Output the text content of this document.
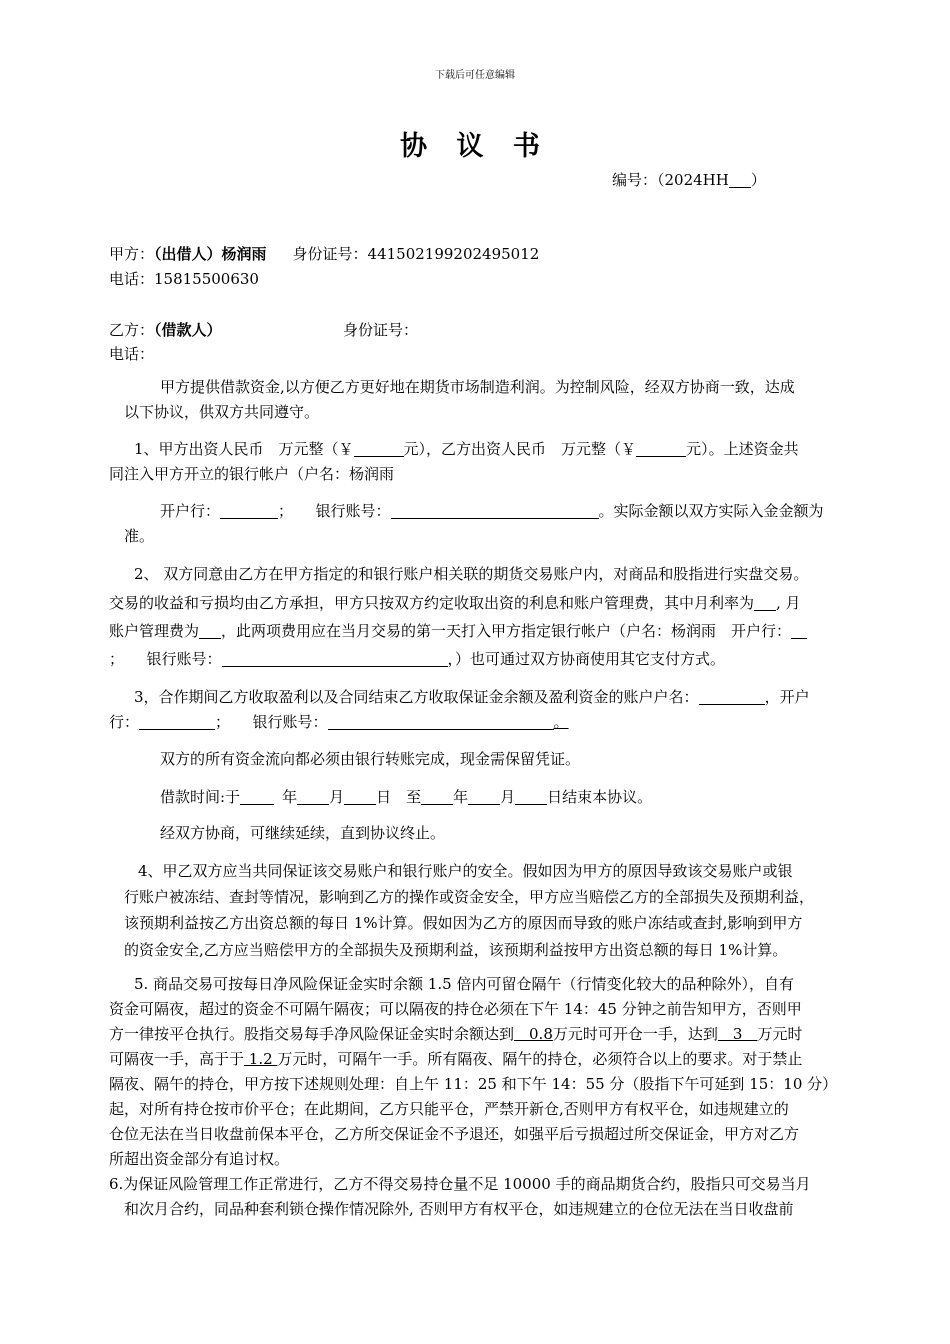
下载后可任意编辑
协 议 书
编号：（2024HH ）
甲方：（出借人）杨润雨 身份证号：441502199202495012
电话：15815500630
乙方：（借款人）	身份证号：
电话：
甲方提供借款资金,以方便乙方更好地在期货市场制造利润。为控制风险，经双方协商一致，达成
以下协议，供双方共同遵守。
1、甲方出资人民币　万元整（￥	元），乙方出资人民币　万元整（￥	元）。上述资金共
同注入甲方开立的银行帐户（户名：杨润雨
开户行：	；　　银行账号：	。实际金额以双方实际入金金额为
准。
2、 双方同意由乙方在甲方指定的和银行账户相关联的期货交易账户内，对商品和股指进行实盘交易。
交易的收益和亏损均由乙方承担，甲方只按双方约定收取出资的利息和账户管理费，其中月利率为 , 月
账户管理费为 ，此两项费用应在当月交易的第一天打入甲方指定银行帐户（户名：杨润雨　开户行：
；　　银行账号：	，）也可通过双方协商使用其它支付方式。
3，合作期间乙方收取盈利以及合同结束乙方收取保证金余额及盈利资金的账户户名：	，开户
行：	；　　银行账号：	。
双方的所有资金流向都必须由银行转账完成，现金需保留凭证。
借款时间:于	年 月 日　至 年 月 日结束本协议。
经双方协商，可继续延续，直到协议终止。
4、甲乙双方应当共同保证该交易账户和银行账户的安全。假如因为甲方的原因导致该交易账户或银
行账户被冻结、查封等情况，影响到乙方的操作或资金安全，甲方应当赔偿乙方的全部损失及预期利益，
该预期利益按乙方出资总额的每日 1%计算。假如因为乙方的原因而导致的账户冻结或查封,影响到甲方
的资金安全,乙方应当赔偿甲方的全部损失及预期利益，该预期利益按甲方出资总额的每日 1%计算。
5. 商品交易可按每日净风险保证金实时余额 1.5 倍内可留仓隔午（行情变化较大的品种除外），自有
资金可隔夜，超过的资金不可隔午隔夜；可以隔夜的持仓必须在下午 14：45 分钟之前告知甲方，否则甲
方一律按平仓执行。股指交易每手净风险保证金实时余额达到　0.8万元时可开仓一手，达到　3　万元时
可隔夜一手，高于于 1.2 万元时，可隔午一手。所有隔夜、隔午的持仓，必须符合以上的要求。对于禁止
隔夜、隔午的持仓，甲方按下述规则处理：自上午 11：25 和下午 14：55 分（股指下午可延到 15：10 分）
起，对所有持仓按市价平仓；在此期间，乙方只能平仓，严禁开新仓,否则甲方有权平仓，如违规建立的
仓位无法在当日收盘前保本平仓，乙方所交保证金不予退还，如强平后亏损超过所交保证金，甲方对乙方
所超出资金部分有追讨权。
6.为保证风险管理工作正常进行，乙方不得交易持仓量不足 10000 手的商品期货合约，股指只可交易当月
和次月合约，同品种套利锁仓操作情况除外, 否则甲方有权平仓，如违规建立的仓位无法在当日收盘前
